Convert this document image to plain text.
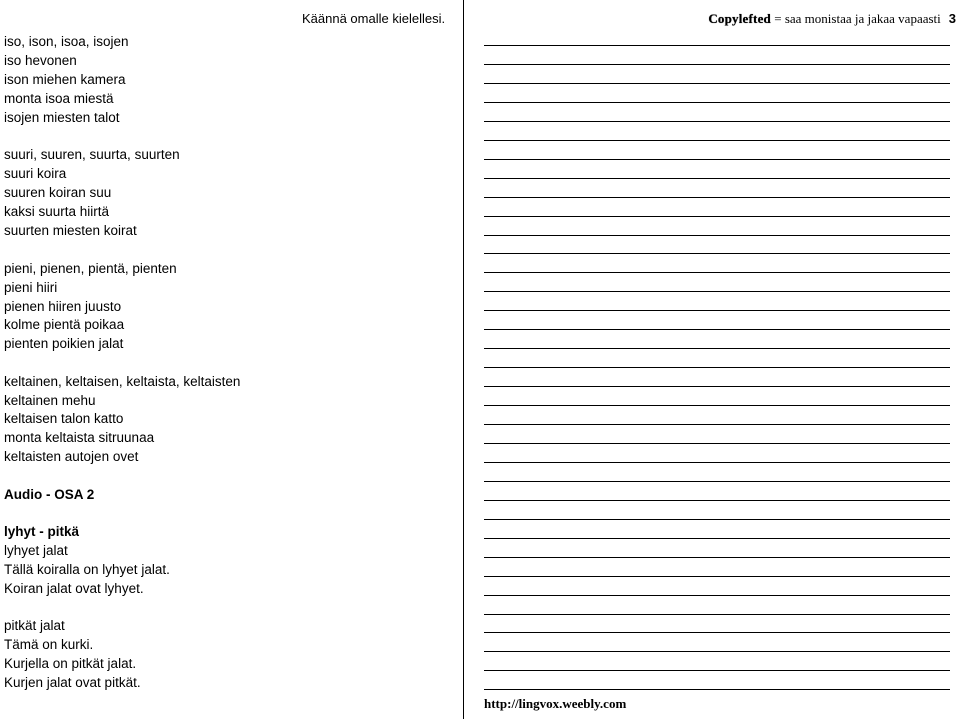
iso, ison, isoa, isojen
iso hevonen
ison miehen kamera
monta isoa miestä
isojen miesten talot
suuri, suuren, suurta, suurten
suuri koira
suuren koiran suu
kaksi suurta hiirtä
suurten miesten koirat
pieni, pienen, pientä, pienten
pieni hiiri
pienen hiiren juusto
kolme pientä poikaa
pienten poikien jalat
keltainen, keltaisen, keltaista, keltaisten
keltainen mehu
keltaisen talon katto
monta keltaista sitruunaa
keltaisten autojen ovet
Audio - OSA 2
lyhyt - pitkä
lyhyet jalat
Tällä koiralla on lyhyet jalat.
Koiran jalat ovat lyhyet.
pitkät jalat
Tämä on kurki.
Kurjella on pitkät jalat.
Kurjen jalat ovat pitkät.
Käännä omalle kielellesi.	Copylefted = saa monistaa ja jakaa vapaasti 3
http://lingvox.weebly.com
